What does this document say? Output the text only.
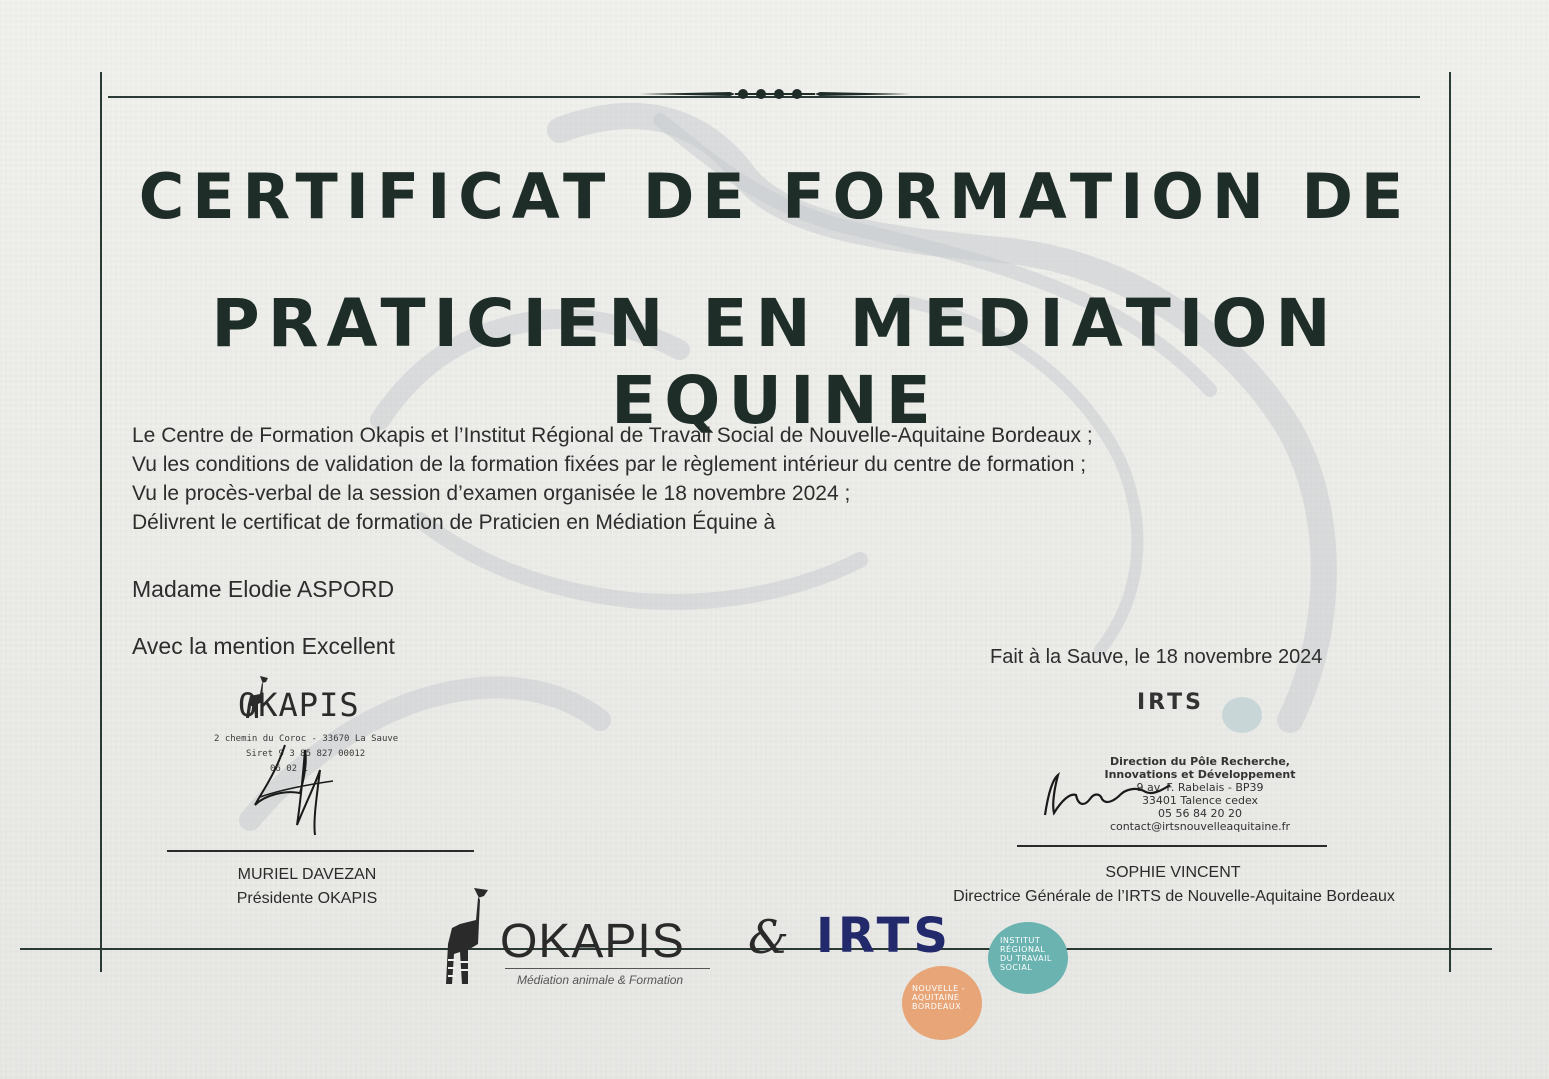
CERTIFICAT DE FORMATION DE
PRATICIEN EN MEDIATION EQUINE
Le Centre de Formation Okapis et l’Institut Régional de Travail Social de Nouvelle-Aquitaine Bordeaux ;
Vu les conditions de validation de la formation fixées par le règlement intérieur du centre de formation ;
Vu le procès-verbal de la session d’examen organisée le 18 novembre 2024 ;
Délivrent le certificat de formation de Praticien en Médiation Équine à
Madame Elodie ASPORD
Avec la mention Excellent	Fait à la Sauve, le 18 novembre 2024
OKAPIS
2 chemin du Coroc - 33670 La Sauve
Siret 9 3 85 827 00012
06 02 1
IRTS
Direction du Pôle Recherche,
Innovations et Développement
9 av. F. Rabelais - BP39
33401 Talence cedex
05 56 84 20 20
contact@irtsnouvelleaquitaine.fr
MURIEL DAVEZAN
Présidente OKAPIS
SOPHIE VINCENT
Directrice Générale de l’IRTS de Nouvelle-Aquitaine Bordeaux
OKAPIS
Médiation animale & Formation
& IRTS	INSTITUT RÉGIONAL DU TRAVAIL SOCIAL
NOUVELLE - AQUITAINE BORDEAUX
